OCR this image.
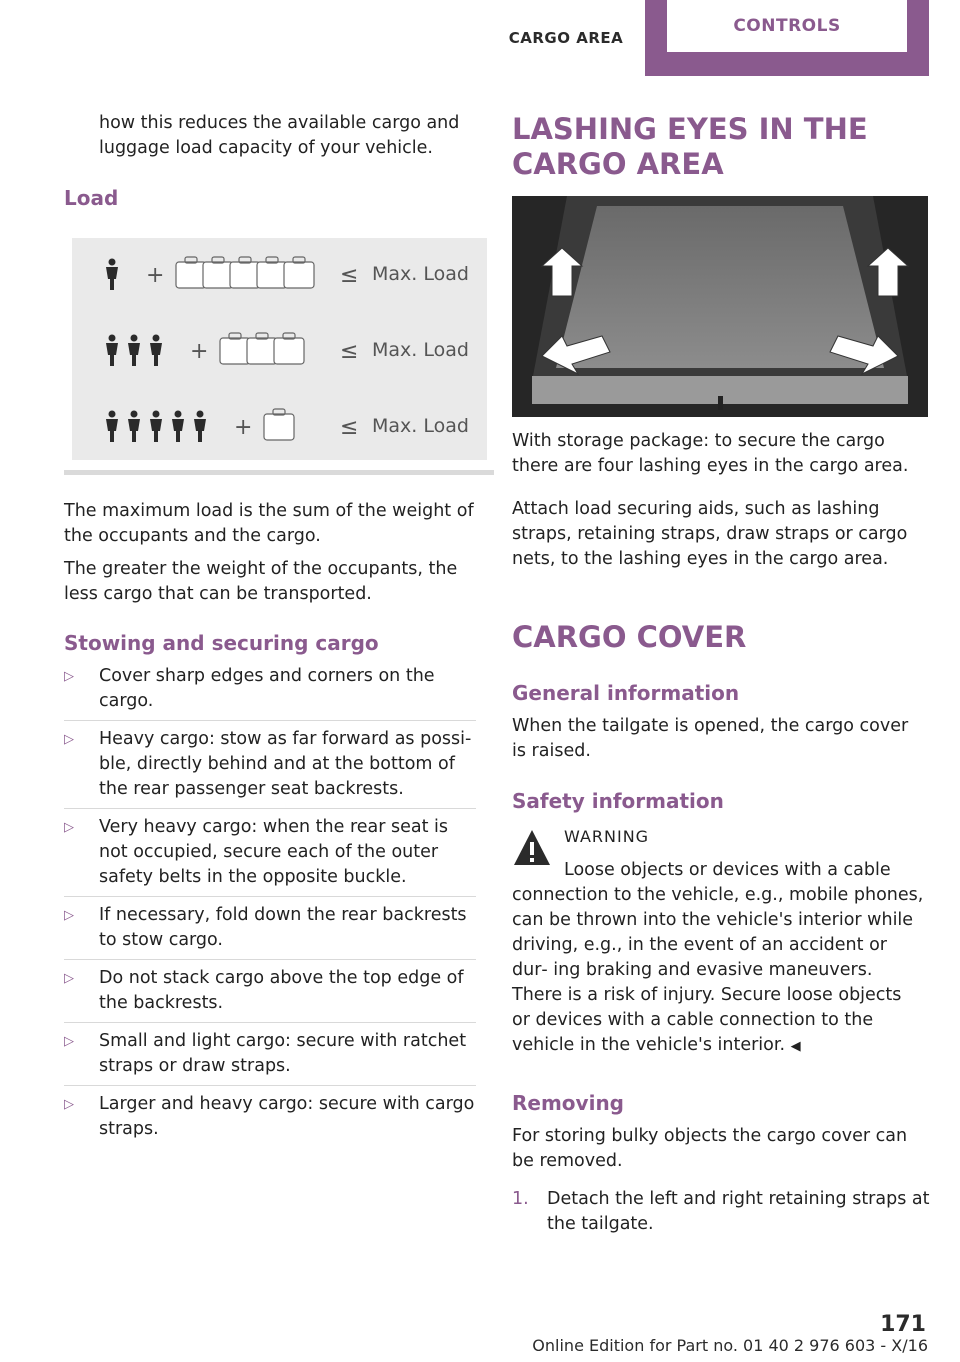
CARGO AREA
CONTROLS

how this reduces the available cargo and luggage load capacity of your vehicle.

Load
+	≤ Max. Load
+	≤ Max. Load
+	≤ Max. Load

The maximum load is the sum of the weight of the occupants and the cargo.

The greater the weight of the occupants, the less cargo that can be transported.

Stowing and securing cargo
▷ Cover sharp edges and corners on the cargo.
▷ Heavy cargo: stow as far forward as possi‐ ble, directly behind and at the bottom of the rear passenger seat backrests.
▷ Very heavy cargo: when the rear seat is not occupied, secure each of the outer safety belts in the opposite buckle.
▷ If necessary, fold down the rear backrests to stow cargo.
▷ Do not stack cargo above the top edge of the backrests.
▷ Small and light cargo: secure with ratchet straps or draw straps.
▷ Larger and heavy cargo: secure with cargo straps.
LASHING EYES IN THE CARGO AREA

With storage package: to secure the cargo there are four lashing eyes in the cargo area.

Attach load securing aids, such as lashing straps, retaining straps, draw straps or cargo nets, to the lashing eyes in the cargo area.

CARGO COVER
General information

When the tailgate is opened, the cargo cover is raised.

Safety information
WARNING
Loose objects or devices with a cable

connection to the vehicle, e.g., mobile phones, can be thrown into the vehicle's interior while driving, e.g., in the event of an accident or dur‐ ing braking and evasive maneuvers. There is a risk of injury. Secure loose objects or devices with a cable connection to the vehicle in the vehicle's interior. ◀

Removing

For storing bulky objects the cargo cover can be removed.

1. Detach the left and right retaining straps at the tailgate.
171
Online Edition for Part no. 01 40 2 976 603 - X/16
